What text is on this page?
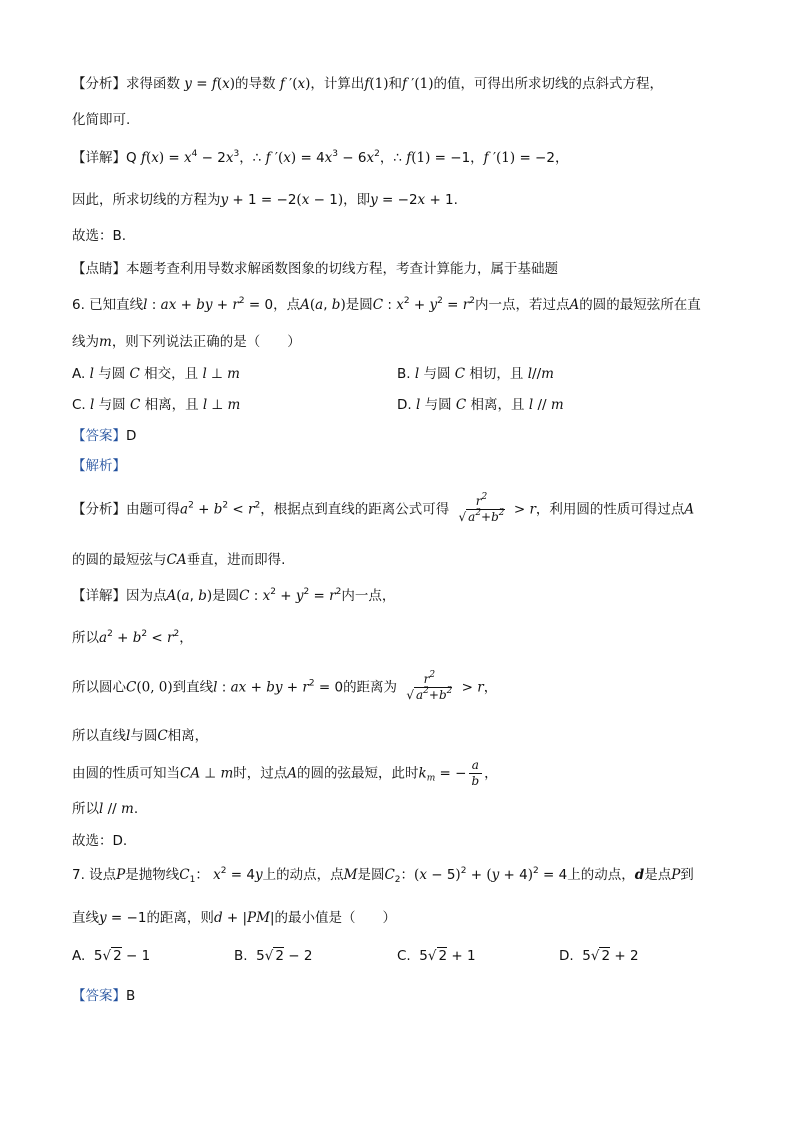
【分析】求得函数 y = f(x)的导数 f ′(x)，计算出f(1)和f ′(1)的值，可得出所求切线的点斜式方程，
化简即可.
【详解】Q $f(x) = x^4 - 2x^3$，∴ f $'(x) = 4x^3 - 6x^2$，∴ f(1) = −1，f ′(1) = −2，
因此，所求切线的方程为y + 1 = −2(x − 1)，即y = −2x + 1.
故选：B.
【点睛】本题考查利用导数求解函数图象的切线方程，考查计算能力，属于基础题
6. 已知直线l : ax + by + $r^2 = 0$，点A(a, b)是圆C : $x^2 + y^2 = r^2$内一点，若过点A的圆的最短弦所在直
线为m，则下列说法正确的是（　　）
A. l 与圆 C 相交，且 l ⊥ m	B. l 与圆 C 相切，且 l//m
C. l 与圆 C 相离，且 l ⊥ m	D. l 与圆 C 相离，且 l // m
【答案】D
【解析】
【分析】由题可得$a^2 + b^2 < r^2$，根据点到直线的距离公式可得 $\frac{r^2}{√ a^2+b^2} > r$，利用圆的性质可得过点A
的圆的最短弦与CA垂直，进而即得.
【详解】因为点A(a, b)是圆C : $x^2 + y^2 = r^2$内一点，
所以$a^2 + b^2 < r^2$，
所以圆心C(0, 0)到直线l : ax + by + $r^2 = 0$的距离为 $\frac{r^2}{√ a^2+b^2} > r$，
所以直线l与圆C相离，
由圆的性质可知当CA ⊥ m时，过点A的圆的弦最短，此时$k_m$ = − $\frac{a}{b}$ ，
所以l // m.
故选：D.
7. 设点P是抛物线$C_1$： $x^2 = 4y$上的动点，点M是圆$C_2$：$(x - 5)^2 + (y + 4)^2 = 4$上的动点，d是点P到
直线y = −1的距离，则d + |PM|的最小值是（　　）
A.  5√ 2 − 1	B.  5√ 2 − 2	C.  5√ 2 + 1	D.  5√ 2 + 2
【答案】B
